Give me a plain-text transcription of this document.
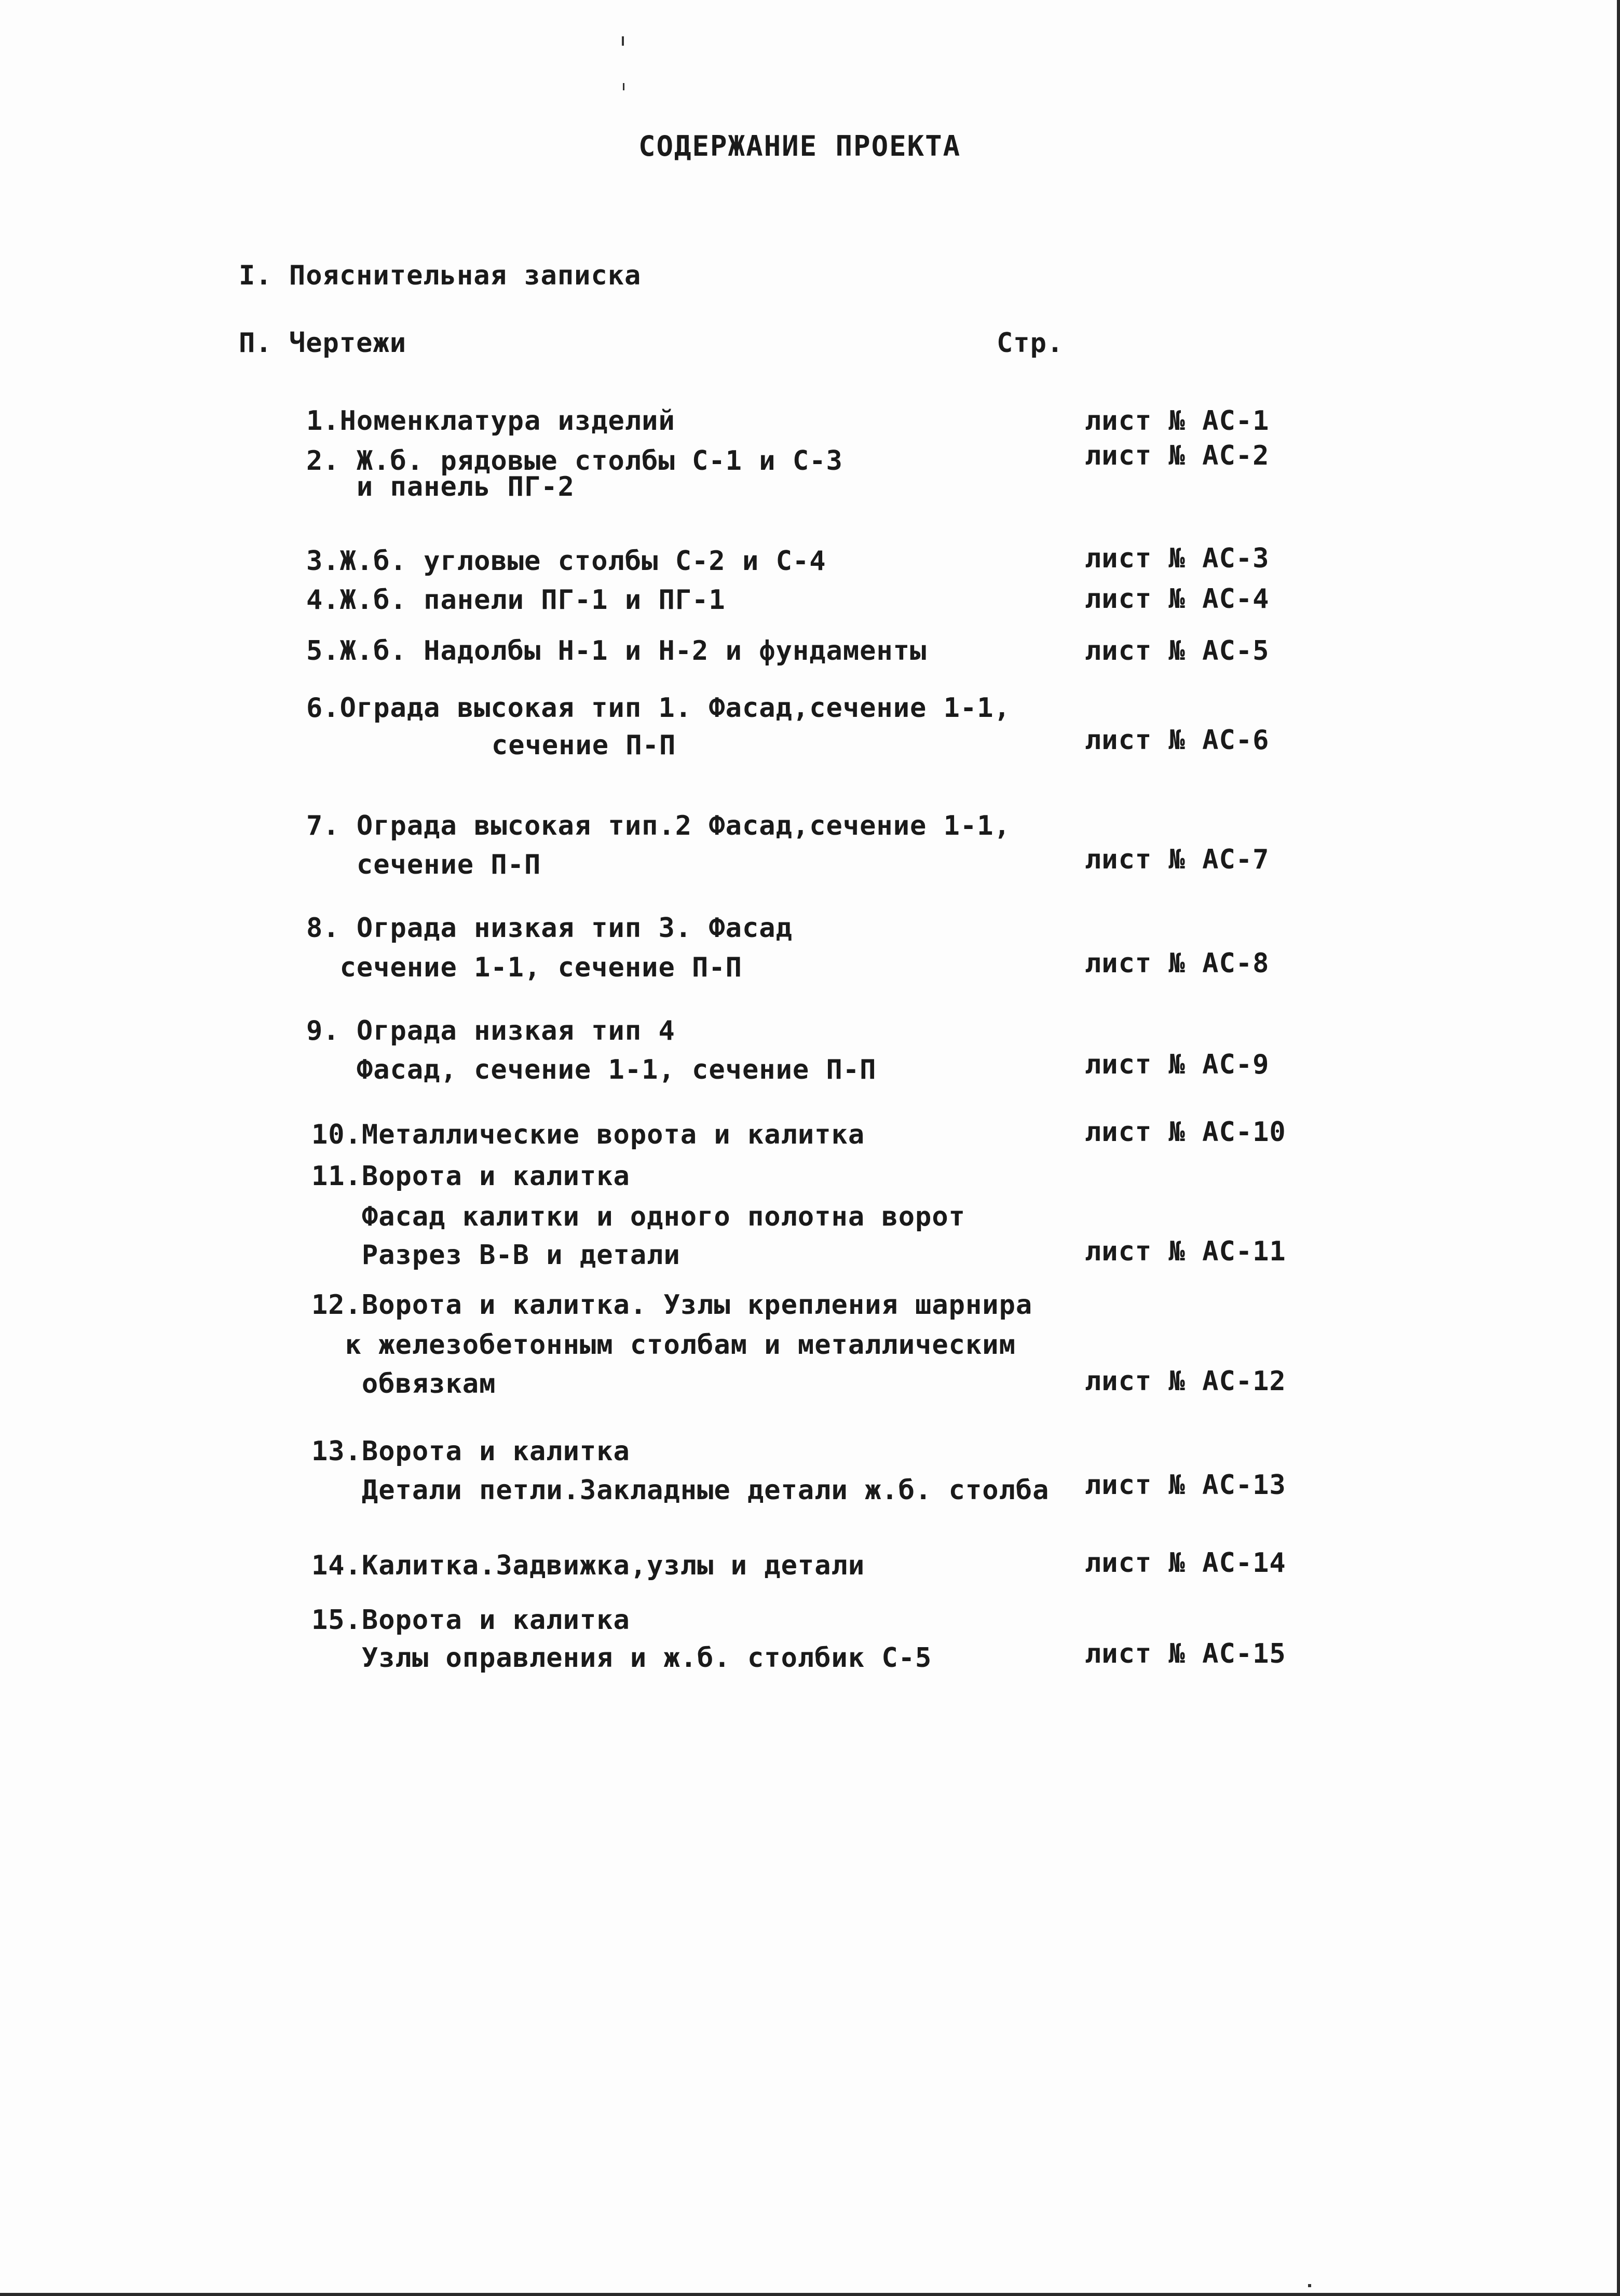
СОДЕРЖАНИЕ ПРОЕКТА
I. Пояснительная записка
П. Чертежи	Стр.
1.Номенклатура изделий	лист № АС-1
2. Ж.б. рядовые столбы С-1 и С-3
и панель ПГ-2
лист № АС-2
3.Ж.б. угловые столбы С-2 и С-4	лист № АС-3
4.Ж.б. панели ПГ-1 и ПГ-1	лист № АС-4
5.Ж.б. Надолбы Н-1 и Н-2 и фундаменты	лист № АС-5
6.Ограда высокая тип 1. Фасад,сечение 1-1,
сечение П-П	лист № АС-6
7. Ограда высокая тип.2 Фасад,сечение 1-1,
сечение П-П	лист № АС-7
8. Ограда низкая тип 3. Фасад
сечение 1-1, сечение П-П	лист № АС-8
9. Ограда низкая тип 4
Фасад, сечение 1-1, сечение П-П	лист № АС-9
10.Металлические ворота и калитка	лист № АС-10
11.Ворота и калитка
Фасад калитки и одного полотна ворот
Разрез В-В и детали	лист № АС-11
12.Ворота и калитка. Узлы крепления шарнира
к железобетонным столбам и металлическим
обвязкам	лист № АС-12
13.Ворота и калитка
Детали петли.Закладные детали ж.б. столба лист № АС-13
14.Калитка.Задвижка,узлы и детали	лист № АС-14
15.Ворота и калитка
Узлы оправления и ж.б. столбик С-5	лист № АС-15
